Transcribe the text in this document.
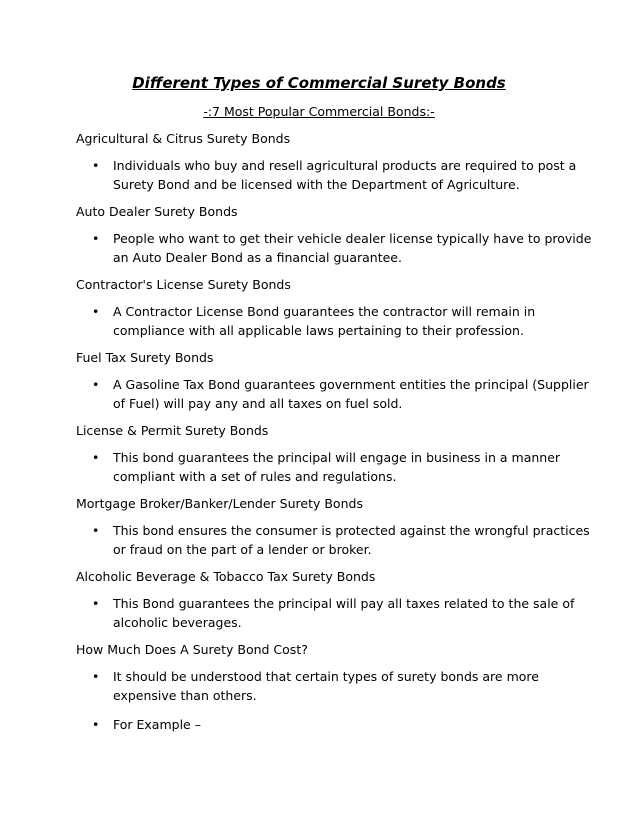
Different Types of Commercial Surety Bonds

-:7 Most Popular Commercial Bonds:-

Agricultural & Citrus Surety Bonds

• Individuals who buy and resell agricultural products are required to post a Surety Bond and be licensed with the Department of Agriculture.

Auto Dealer Surety Bonds

• People who want to get their vehicle dealer license typically have to provide an Auto Dealer Bond as a financial guarantee.

Contractor's License Surety Bonds

• A Contractor License Bond guarantees the contractor will remain in compliance with all applicable laws pertaining to their profession.

Fuel Tax Surety Bonds

• A Gasoline Tax Bond guarantees government entities the principal (Supplier of Fuel) will pay any and all taxes on fuel sold.

License & Permit Surety Bonds

• This bond guarantees the principal will engage in business in a manner compliant with a set of rules and regulations.

Mortgage Broker/Banker/Lender Surety Bonds

• This bond ensures the consumer is protected against the wrongful practices or fraud on the part of a lender or broker.

Alcoholic Beverage & Tobacco Tax Surety Bonds

• This Bond guarantees the principal will pay all taxes related to the sale of alcoholic beverages.

How Much Does A Surety Bond Cost?

• It should be understood that certain types of surety bonds are more expensive than others.
• For Example –
